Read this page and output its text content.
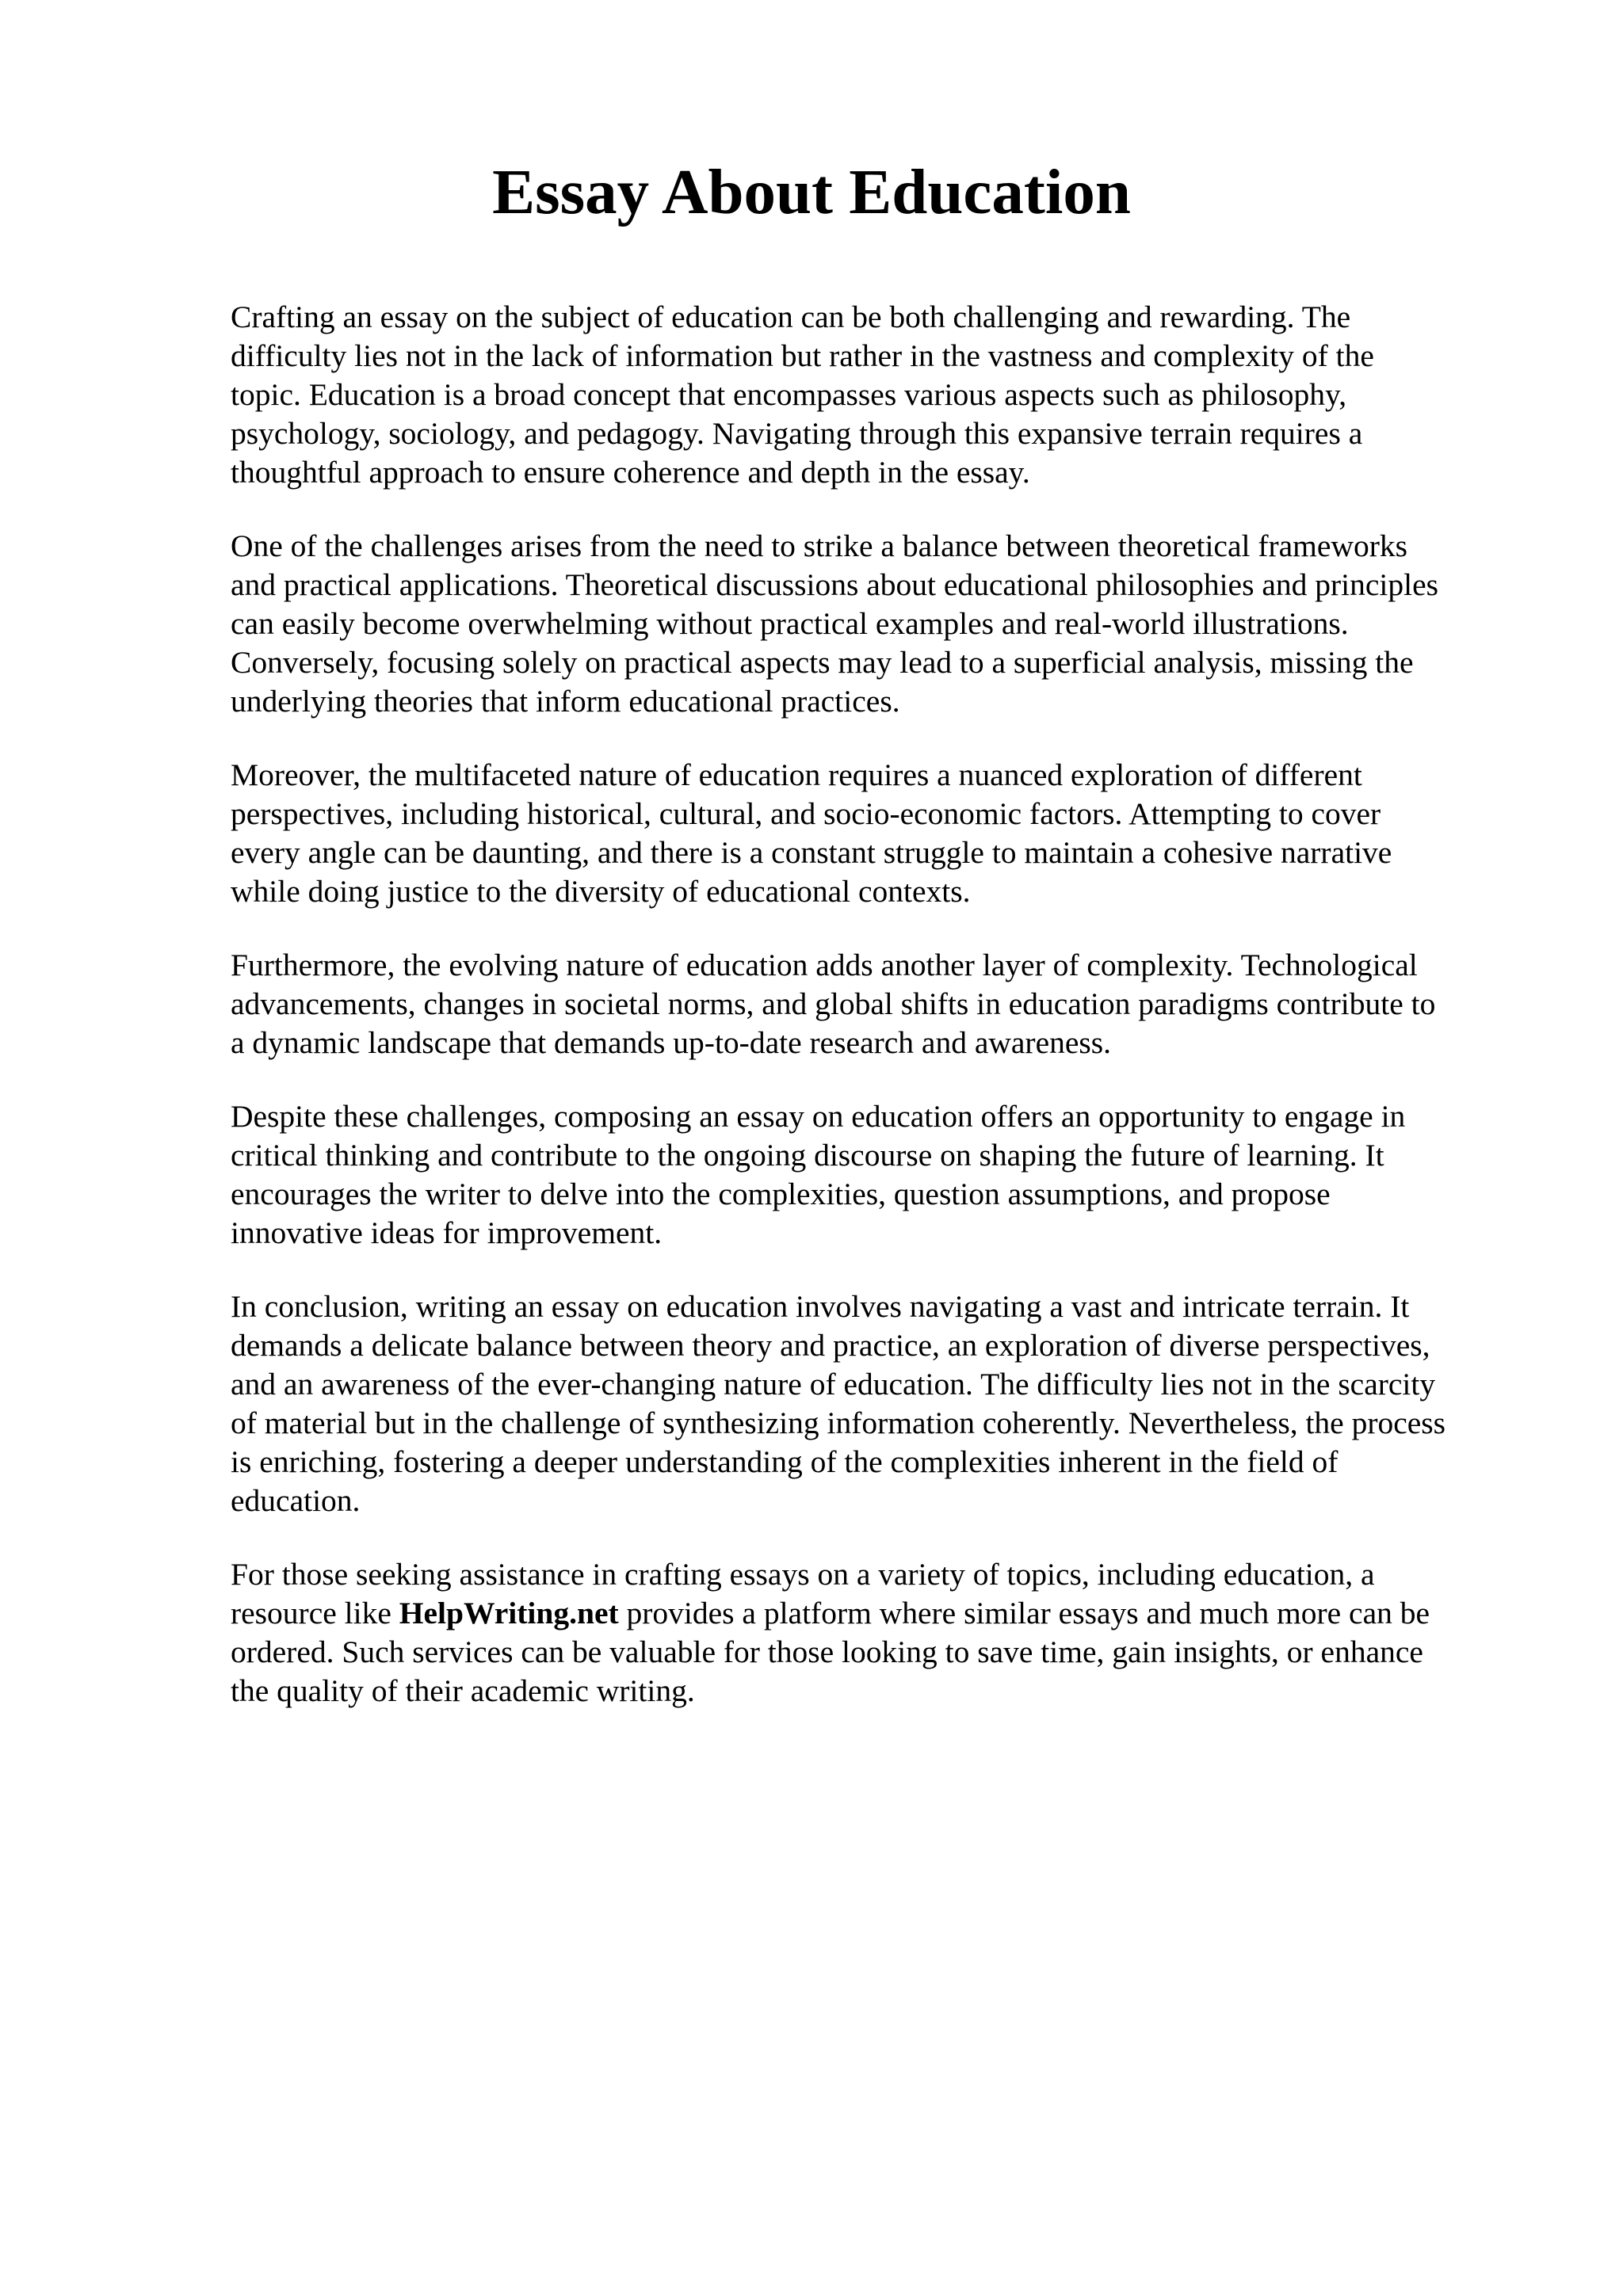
Essay About Education

Crafting an essay on the subject of education can be both challenging and rewarding. The
difficulty lies not in the lack of information but rather in the vastness and complexity of the
topic. Education is a broad concept that encompasses various aspects such as philosophy,
psychology, sociology, and pedagogy. Navigating through this expansive terrain requires a
thoughtful approach to ensure coherence and depth in the essay.

One of the challenges arises from the need to strike a balance between theoretical frameworks
and practical applications. Theoretical discussions about educational philosophies and principles
can easily become overwhelming without practical examples and real-world illustrations.
Conversely, focusing solely on practical aspects may lead to a superficial analysis, missing the
underlying theories that inform educational practices.

Moreover, the multifaceted nature of education requires a nuanced exploration of different
perspectives, including historical, cultural, and socio-economic factors. Attempting to cover
every angle can be daunting, and there is a constant struggle to maintain a cohesive narrative
while doing justice to the diversity of educational contexts.

Furthermore, the evolving nature of education adds another layer of complexity. Technological
advancements, changes in societal norms, and global shifts in education paradigms contribute to
a dynamic landscape that demands up-to-date research and awareness.

Despite these challenges, composing an essay on education offers an opportunity to engage in
critical thinking and contribute to the ongoing discourse on shaping the future of learning. It
encourages the writer to delve into the complexities, question assumptions, and propose
innovative ideas for improvement.

In conclusion, writing an essay on education involves navigating a vast and intricate terrain. It
demands a delicate balance between theory and practice, an exploration of diverse perspectives,
and an awareness of the ever-changing nature of education. The difficulty lies not in the scarcity
of material but in the challenge of synthesizing information coherently. Nevertheless, the process
is enriching, fostering a deeper understanding of the complexities inherent in the field of
education.

For those seeking assistance in crafting essays on a variety of topics, including education, a
resource like HelpWriting.net provides a platform where similar essays and much more can be
ordered. Such services can be valuable for those looking to save time, gain insights, or enhance
the quality of their academic writing.
